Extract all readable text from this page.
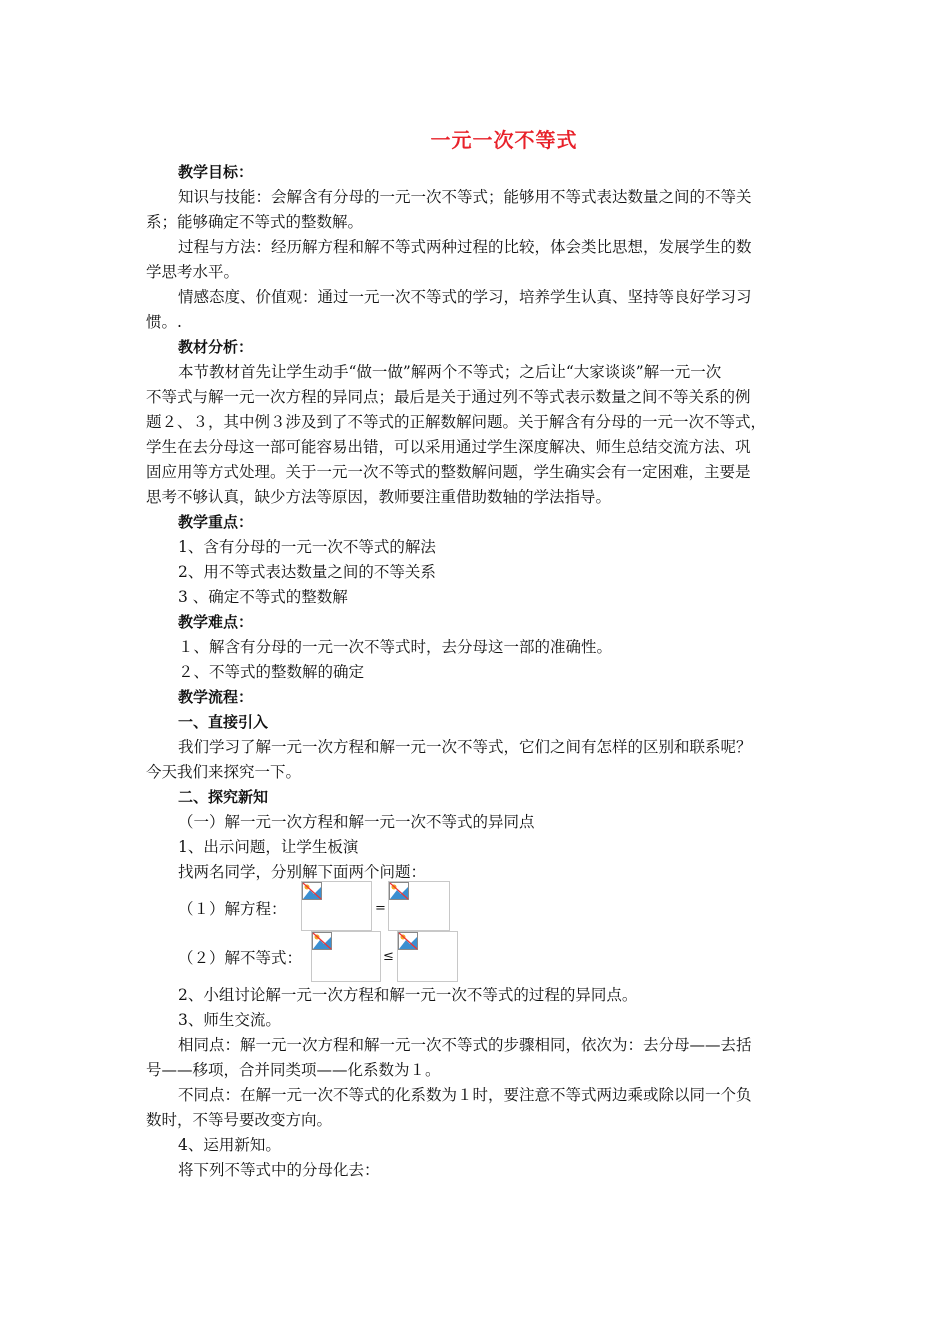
一元一次不等式
教学目标：
知识与技能：会解含有分母的一元一次不等式；能够用不等式表达数量之间的不等关
系；能够确定不等式的整数解。
过程与方法：经历解方程和解不等式两种过程的比较，体会类比思想，发展学生的数
学思考水平。
情感态度、价值观：通过一元一次不等式的学习，培养学生认真、坚持等良好学习习
惯。.
教材分析：
本节教材首先让学生动手“做一做”解两个不等式；之后让“大家谈谈”解一元一次
不等式与解一元一次方程的异同点；最后是关于通过列不等式表示数量之间不等关系的例
题２、３，其中例３涉及到了不等式的正解数解问题。关于解含有分母的一元一次不等式，
学生在去分母这一部可能容易出错，可以采用通过学生深度解决、师生总结交流方法、巩
固应用等方式处理。关于一元一次不等式的整数解问题，学生确实会有一定困难，主要是
思考不够认真，缺少方法等原因，教师要注重借助数轴的学法指导。
教学重点：
1、含有分母的一元一次不等式的解法
2、用不等式表达数量之间的不等关系
3 、确定不等式的整数解
教学难点：
１、解含有分母的一元一次不等式时，去分母这一部的准确性。
２、不等式的整数解的确定
教学流程：
一、直接引入
我们学习了解一元一次方程和解一元一次不等式，它们之间有怎样的区别和联系呢？
今天我们来探究一下。
二、探究新知
（一）解一元一次方程和解一元一次不等式的异同点
1、出示问题，让学生板演
找两名同学，分别解下面两个问题：
（１）解方程：	=
（２）解不等式：	≤
2、小组讨论解一元一次方程和解一元一次不等式的过程的异同点。
3、师生交流。
相同点：解一元一次方程和解一元一次不等式的步骤相同，依次为：去分母——去括
号——移项，合并同类项——化系数为１。
不同点：在解一元一次不等式的化系数为１时，要注意不等式两边乘或除以同一个负
数时，不等号要改变方向。
4、运用新知。
将下列不等式中的分母化去：
